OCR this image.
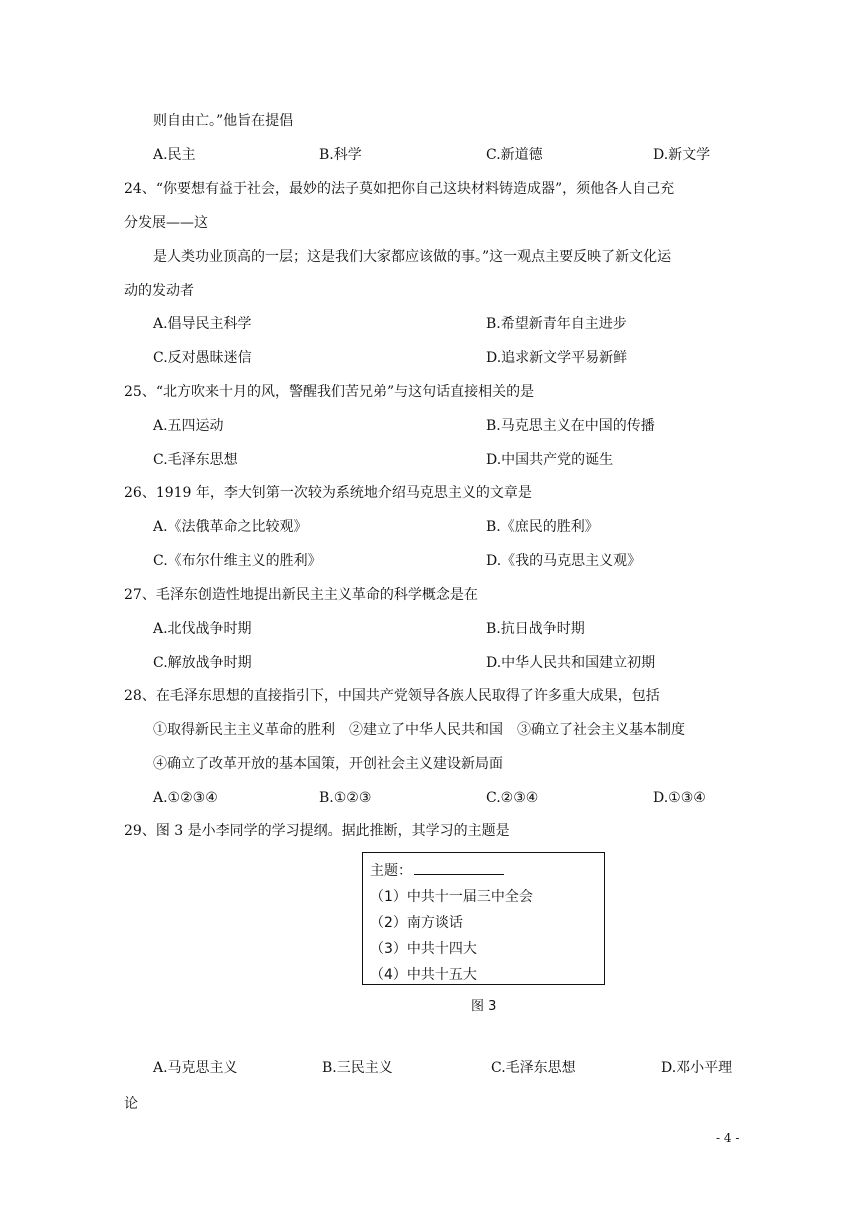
则自由亡。”他旨在提倡
A.民主	B.科学	C.新道德	D.新文学
24、“你要想有益于社会，最妙的法子莫如把你自己这块材料铸造成器”，须他各人自己充
分发展——这
是人类功业顶高的一层；这是我们大家都应该做的事。”这一观点主要反映了新文化运
动的发动者
A.倡导民主科学	B.希望新青年自主进步
C.反对愚昧迷信	D.追求新文学平易新鲜
25、“北方吹来十月的风，警醒我们苦兄弟”与这句话直接相关的是
A.五四运动	B.马克思主义在中国的传播
C.毛泽东思想	D.中国共产党的诞生
26、1919 年，李大钊第一次较为系统地介绍马克思主义的文章是
A.《法俄革命之比较观》	B.《庶民的胜利》
C.《布尔什维主义的胜利》	D.《我的马克思主义观》
27、毛泽东创造性地提出新民主主义革命的科学概念是在
A.北伐战争时期	B.抗日战争时期
C.解放战争时期	D.中华人民共和国建立初期
28、在毛泽东思想的直接指引下，中国共产党领导各族人民取得了许多重大成果，包括
①取得新民主主义革命的胜利　②建立了中华人民共和国　③确立了社会主义基本制度
④确立了改革开放的基本国策，开创社会主义建设新局面
A.①②③④	B.①②③	C.②③④	D.①③④
29、图 3 是小李同学的学习提纲。据此推断，其学习的主题是
主题：
（1）中共十一届三中全会
（2）南方谈话
（3）中共十四大
（4）中共十五大
图 3
A.马克思主义	B.三民主义	C.毛泽东思想	D.邓小平理
论
- 4 -
